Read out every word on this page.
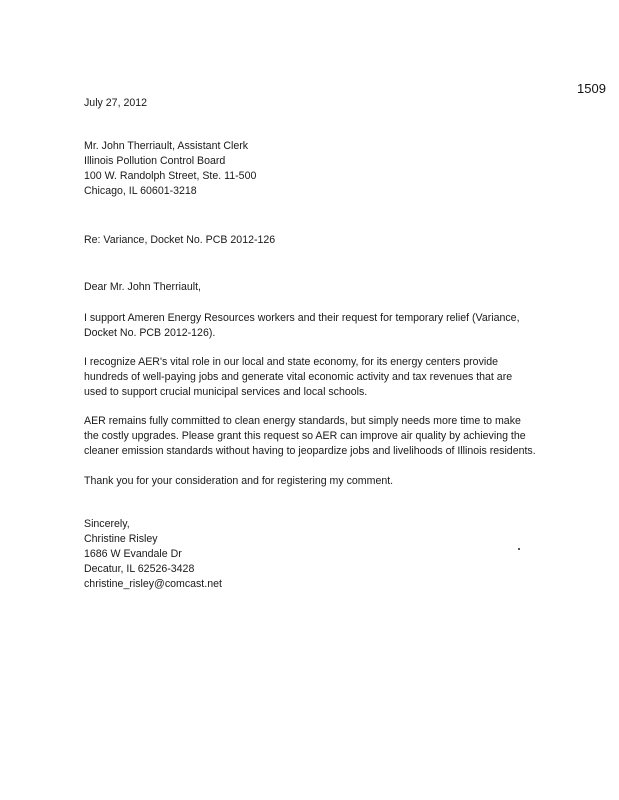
1509
July 27, 2012
Mr. John Therriault, Assistant Clerk
Illinois Pollution Control Board
100 W. Randolph Street, Ste. 11-500
Chicago, IL 60601-3218
Re: Variance, Docket No. PCB 2012-126
Dear Mr. John Therriault,
I support Ameren Energy Resources workers and their request for temporary relief (Variance,
Docket No. PCB 2012-126).
I recognize AER's vital role in our local and state economy, for its energy centers provide
hundreds of well-paying jobs and generate vital economic activity and tax revenues that are
used to support crucial municipal services and local schools.
AER remains fully committed to clean energy standards, but simply needs more time to make
the costly upgrades. Please grant this request so AER can improve air quality by achieving the
cleaner emission standards without having to jeopardize jobs and livelihoods of Illinois residents.
Thank you for your consideration and for registering my comment.
Sincerely,
Christine Risley
1686 W Evandale Dr
Decatur, IL 62526-3428
christine_risley@comcast.net
